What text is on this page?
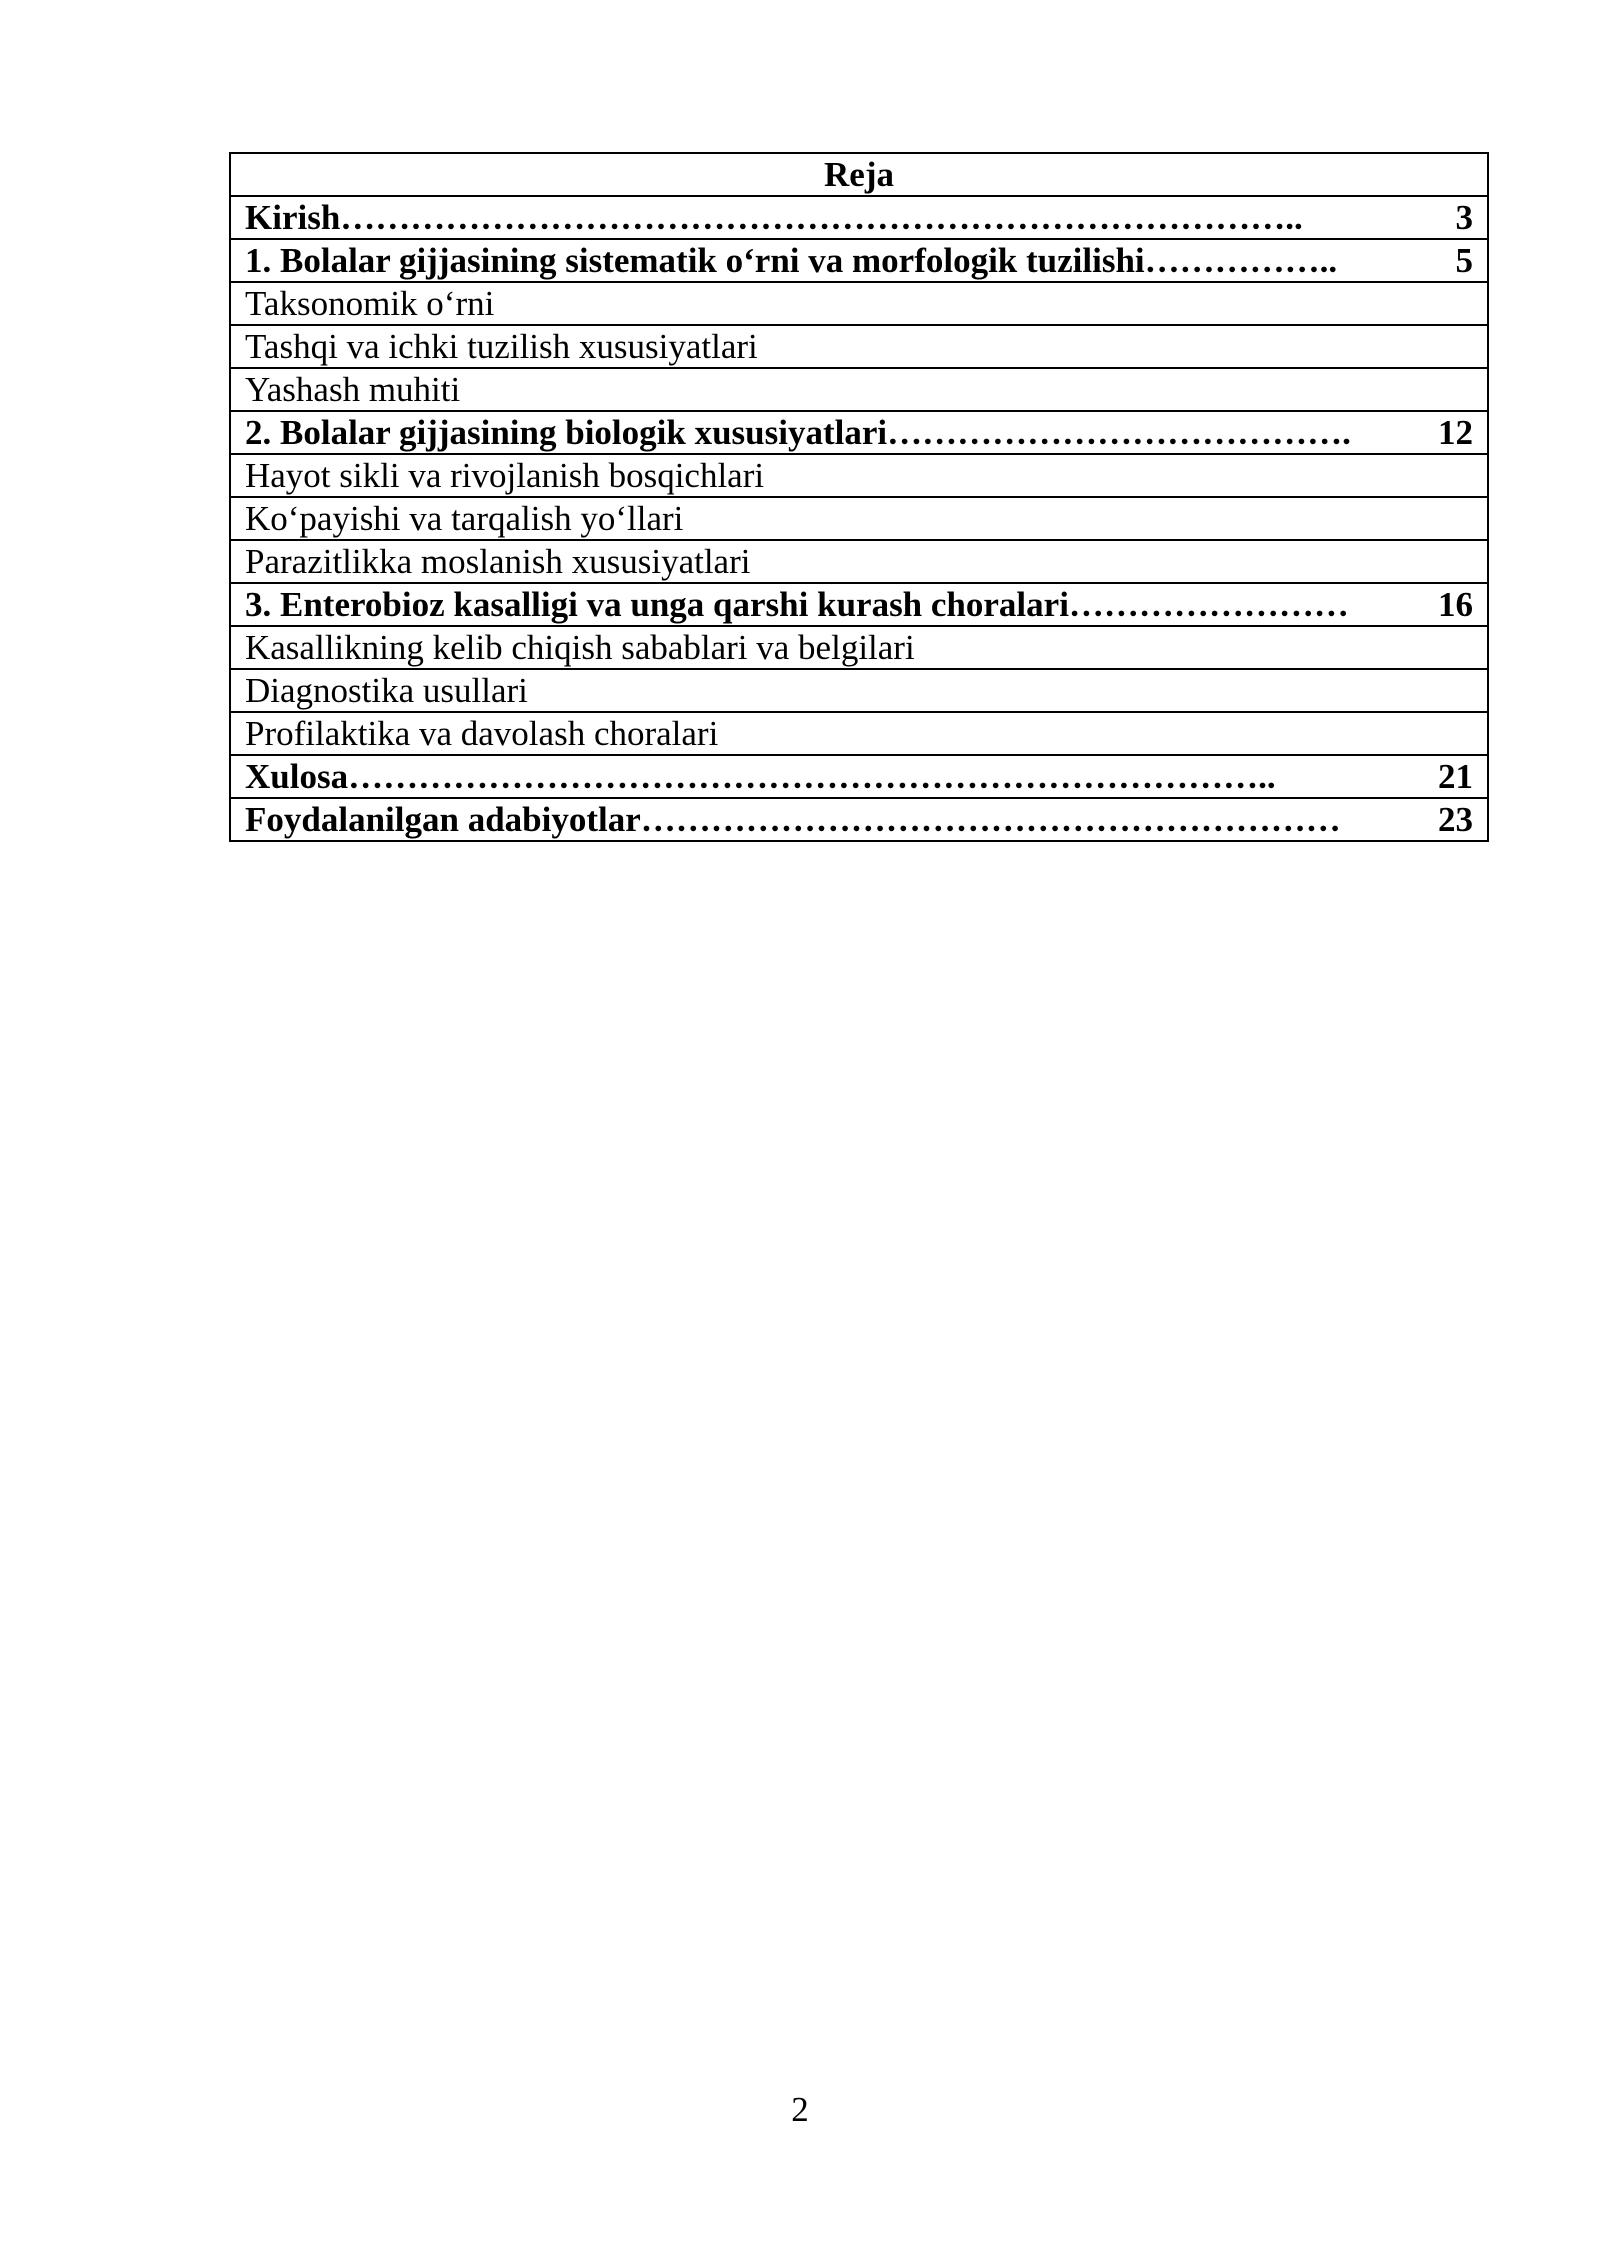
Reja

Kirish ………………………………………………………………………..	3

1. Bolalar gijjasining sistematik o‘rni va morfologik tuzilishi ……………..	5

Taksonomik o‘rni
Tashqi va ichki tuzilish xususiyatlari
Yashash muhiti

2. Bolalar gijjasining biologik xususiyatlari ………………………………….	12

Hayot sikli va rivojlanish bosqichlari
Ko‘payishi va tarqalish yo‘llari
Parazitlikka moslanish xususiyatlari

3. Enterobioz kasalligi va unga qarshi kurash choralari ……………………	16

Kasallikning kelib chiqish sabablari va belgilari
Diagnostika usullari
Profilaktika va davolash choralari

Xulosa ……………………………………………………………………..	21

Foydalanilgan adabiyotlar ……………………………………………………	23
2
